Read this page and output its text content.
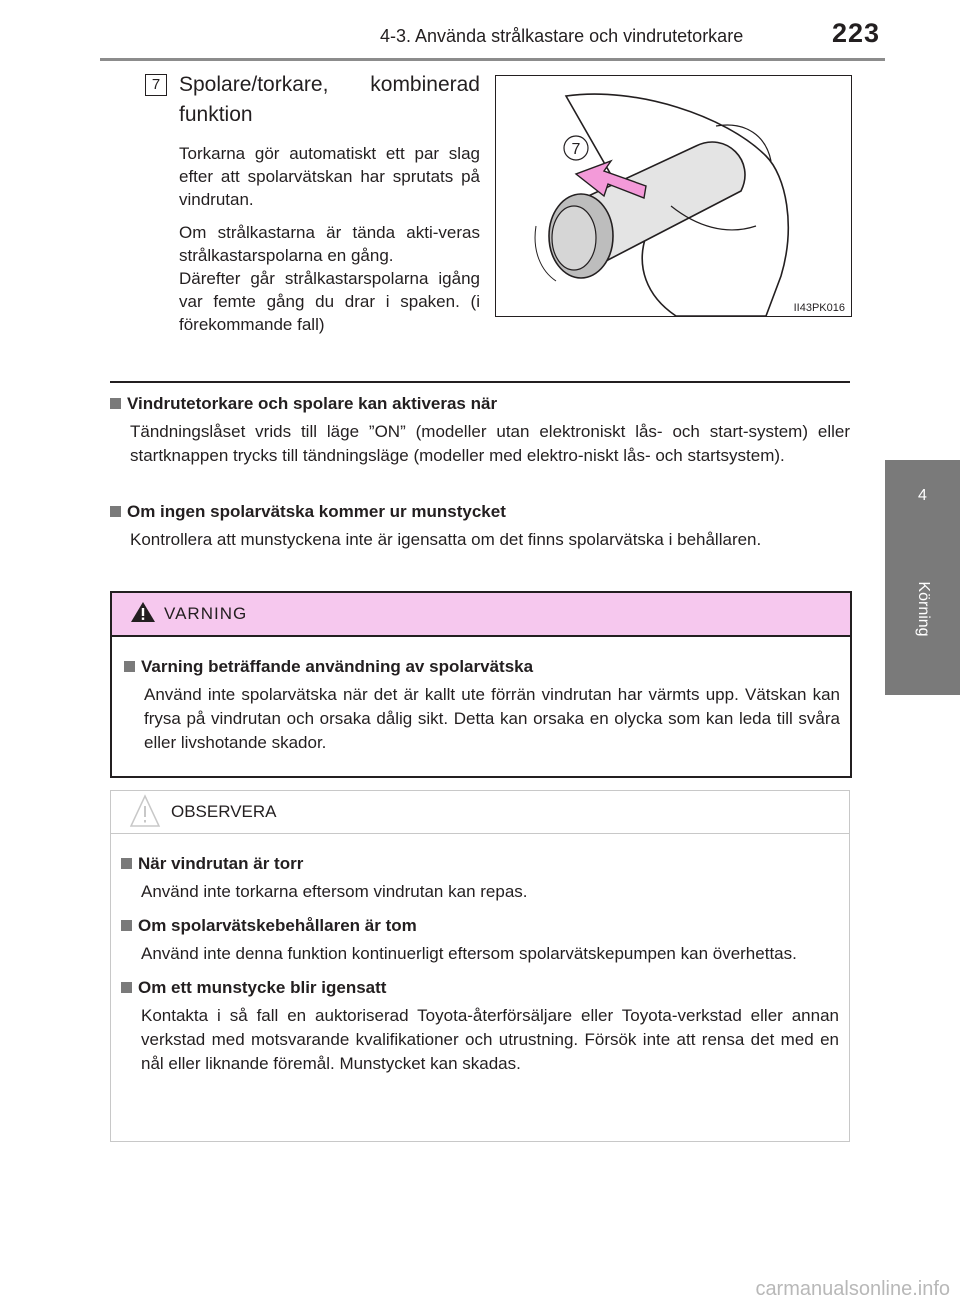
4-3. Använda strålkastare och vindrutetorkare	223
4
Körning
7 Spolare/torkare, kombinerad funktion

Torkarna gör automatiskt ett par slag efter att spolarvätskan har sprutats på vindrutan.

Om strålkastarna är tända akti-veras strålkastarspolarna en gång.

Därefter går strålkastarspolarna igång var femte gång du drar i spaken. (i förekommande fall)

7
II43PK016
Vindrutetorkare och spolare kan aktiveras när
Tändningslåset vrids till läge ”ON” (modeller utan elektroniskt lås- och start-system) eller startknappen trycks till tändningsläge (modeller med elektro-niskt lås- och startsystem).
Om ingen spolarvätska kommer ur munstycket
Kontrollera att munstyckena inte är igensatta om det finns spolarvätska i behållaren.
VARNING
Varning beträffande användning av spolarvätska
Använd inte spolarvätska när det är kallt ute förrän vindrutan har värmts upp. Vätskan kan frysa på vindrutan och orsaka dålig sikt. Detta kan orsaka en olycka som kan leda till svåra eller livshotande skador.
OBSERVERA
När vindrutan är torr
Använd inte torkarna eftersom vindrutan kan repas.
Om spolarvätskebehållaren är tom
Använd inte denna funktion kontinuerligt eftersom spolarvätskepumpen kan överhettas.
Om ett munstycke blir igensatt
Kontakta i så fall en auktoriserad Toyota-återförsäljare eller Toyota-verkstad eller annan verkstad med motsvarande kvalifikationer och utrustning. Försök inte att rensa det med en nål eller liknande föremål. Munstycket kan skadas.
carmanualsonline.info
